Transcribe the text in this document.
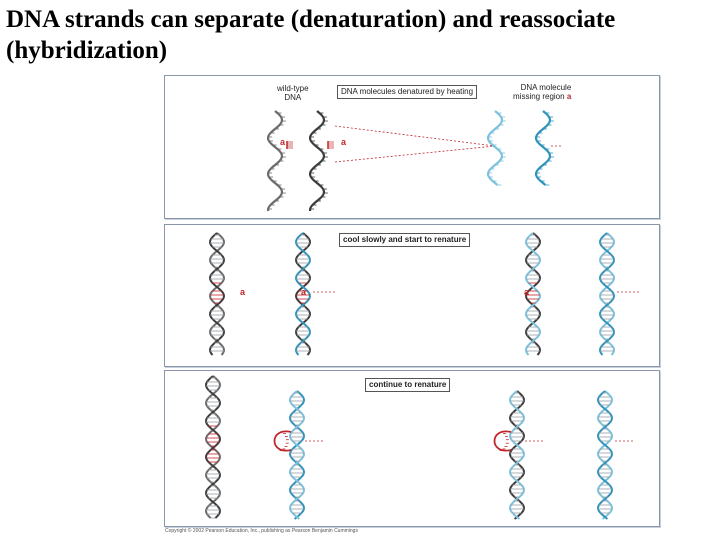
DNA strands can separate (denaturation) and reassociate (hybridization)
wild-type
DNA
DNA molecules denatured by heating	DNA molecule
missing region a
a	a
cool slowly and start to renature
a	a	a
continue to renature
Copyright © 2002 Pearson Education, Inc., publishing as Pearson Benjamin Cummings
